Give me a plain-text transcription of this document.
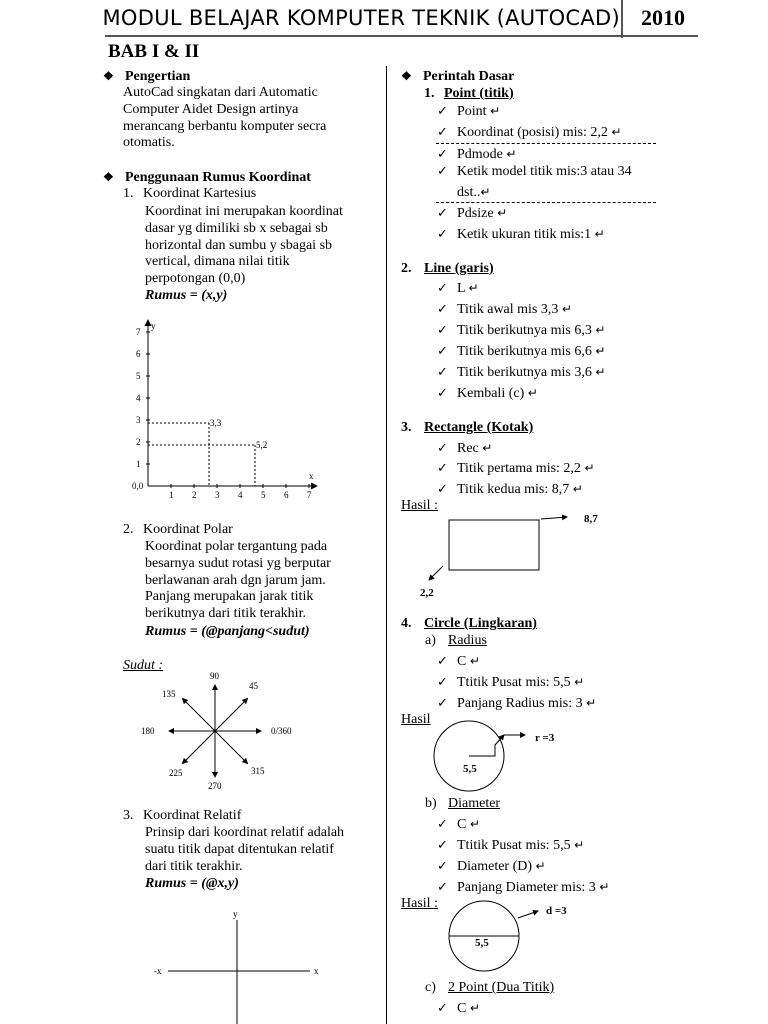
MODUL BELAJAR KOMPUTER TEKNIK (AUTOCAD) 2010
BAB I & II
❖ Pengertian
AutoCad singkatan dari Automatic
Computer Aidet Design artinya
merancang berbantu komputer secra
otomatis.
❖ Penggunaan Rumus Koordinat
1. Koordinat Kartesius
Koordinat ini merupakan koordinat
dasar yg dimiliki sb x sebagai sb
horizontal dan sumbu y sbagai sb
vertical, dimana nilai titik
perpotongan (0,0)
Rumus = (x,y)
1 2 3 4 5 6 7
1
2
3
4
5
6
7
3,3
5,2
y
x
0,0
2. Koordinat Polar
Koordinat polar tergantung pada
besarnya sudut rotasi yg berputar
berlawanan arah dgn jarum jam.
Panjang merupakan jarak titik
berikutnya dari titik terakhir.
Rumus = (@panjang<sudut)
Sudut :
90
45
0/360
315
270
225
180
135
3. Koordinat Relatif
Prinsip dari koordinat relatif adalah
suatu titik dapat ditentukan relatif
dari titik terakhir.
Rumus = (@x,y)
y
-x	x
❖ Perintah Dasar
1. Point (titik)
✓ Point ↵
✓ Koordinat (posisi) mis: 2,2 ↵
✓ Pdmode ↵
✓ Ketik model titik mis:3 atau 34
dst..↵
✓ Pdsize ↵
✓ Ketik ukuran titik mis:1 ↵
2. Line (garis)
✓ L ↵
✓ Titik awal mis 3,3 ↵
✓ Titik berikutnya mis 6,3 ↵
✓ Titik berikutnya mis 6,6 ↵
✓ Titik berikutnya mis 3,6 ↵
✓ Kembali (c) ↵
3. Rectangle (Kotak)
✓ Rec ↵
✓ Titik pertama mis: 2,2 ↵
✓ Titik kedua mis: 8,7 ↵
Hasil :
8,7
2,2
4. Circle (Lingkaran)
a) Radius
✓ C ↵
✓ Ttitik Pusat mis: 5,5 ↵
✓ Panjang Radius mis: 3 ↵
Hasil
5,5
r =3
b) Diameter
✓ C ↵
✓ Ttitik Pusat mis: 5,5 ↵
✓ Diameter (D) ↵
✓ Panjang Diameter mis: 3 ↵
Hasil :
5,5
d =3
c) 2 Point (Dua Titik)
✓ C ↵
